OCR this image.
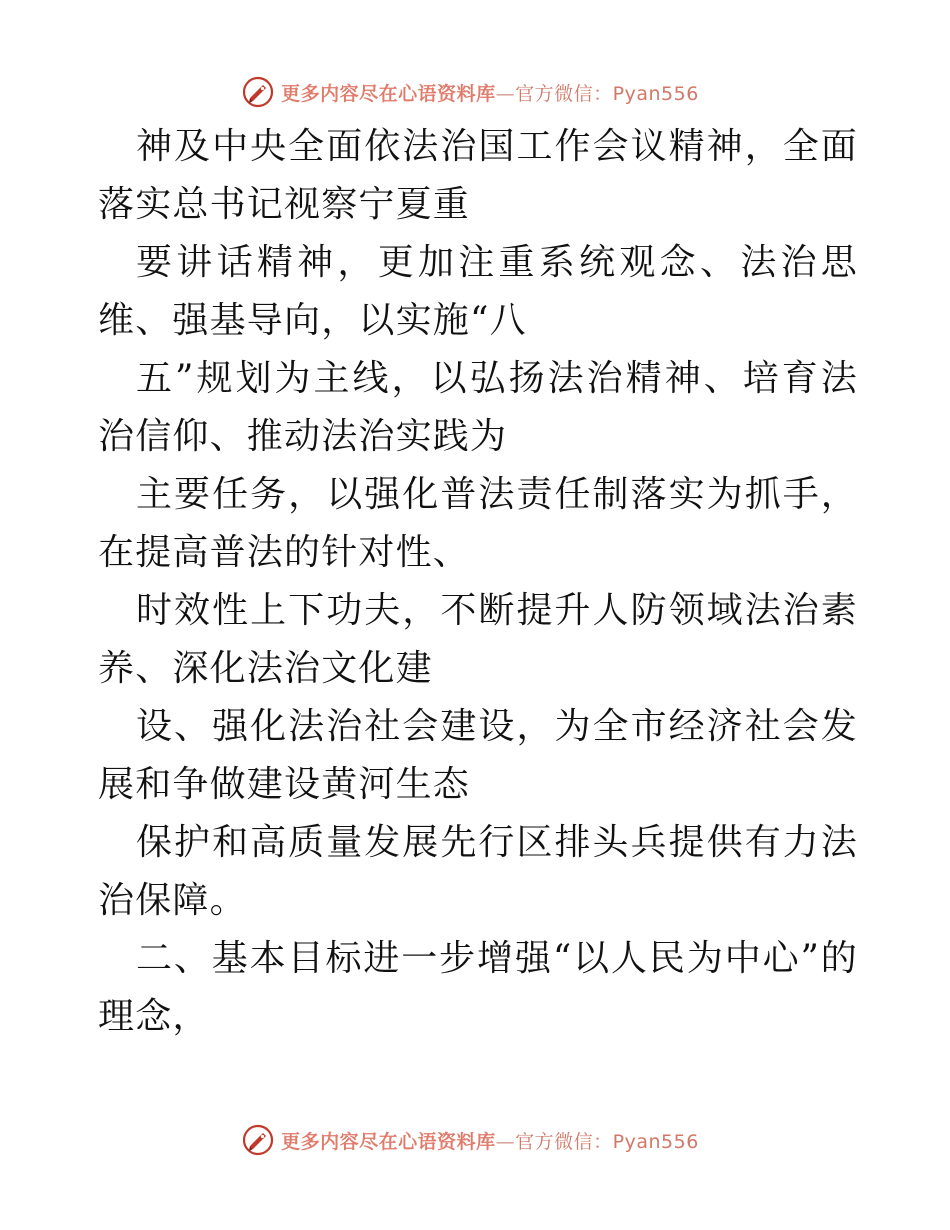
更多内容尽在心语资料库—官方微信：Pyan556

神及中央全面依法治国工作会议精神，全面落实总书记视察宁夏重

要讲话精神，更加注重系统观念、法治思维、强基导向，以实施“八

五”规划为主线，以弘扬法治精神、培育法治信仰、推动法治实践为

主要任务，以强化普法责任制落实为抓手，在提高普法的针对性、

时效性上下功夫，不断提升人防领域法治素养、深化法治文化建

设、强化法治社会建设，为全市经济社会发展和争做建设黄河生态

保护和高质量发展先行区排头兵提供有力法治保障。

二、基本目标进一步增强“以人民为中心”的理念，

更多内容尽在心语资料库—官方微信：Pyan556
